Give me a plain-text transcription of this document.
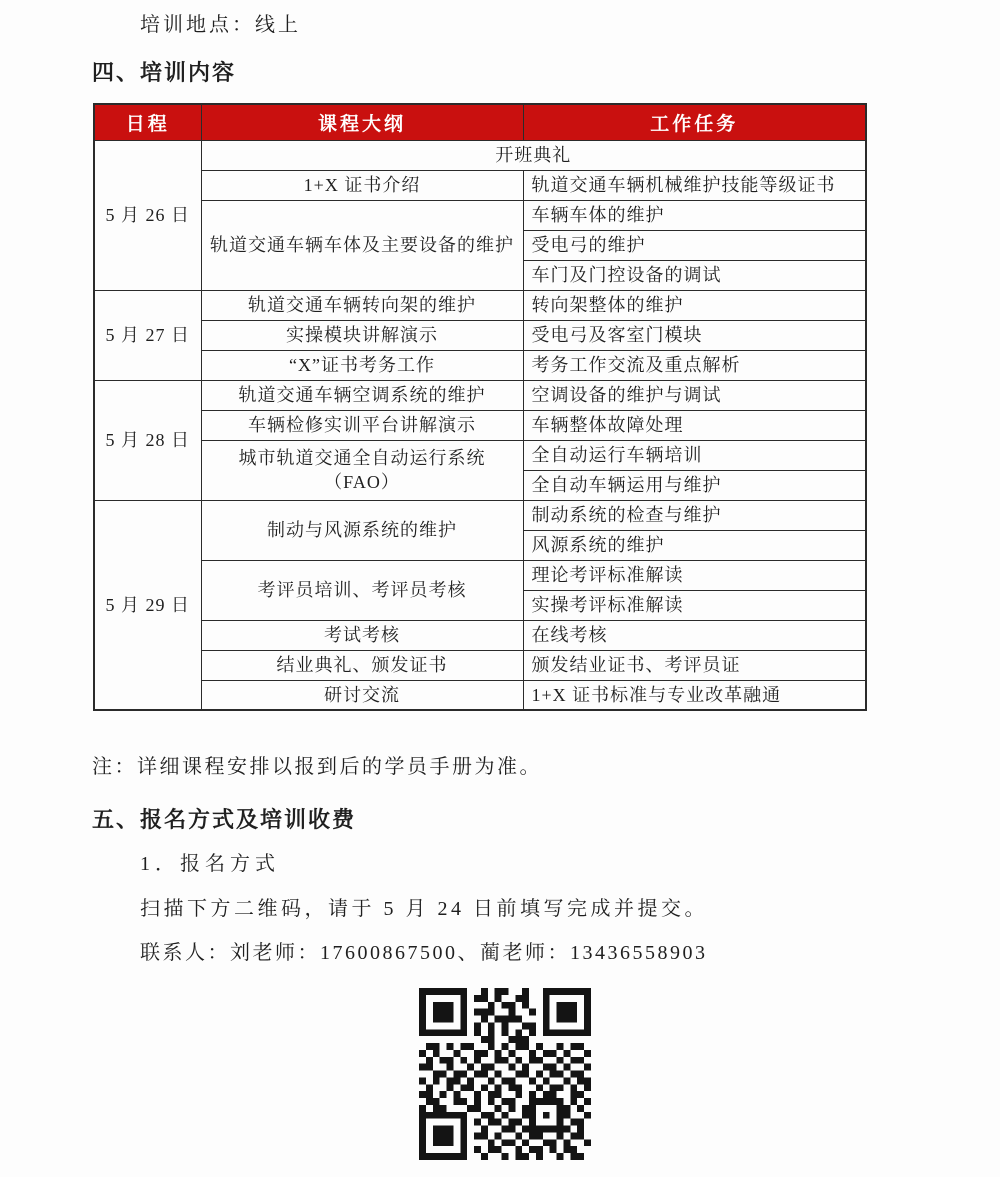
培训地点：线上
四、培训内容
日程	课程大纲	工作任务
5 月 26 日	开班典礼	
	1+X 证书介绍	轨道交通车辆机械维护技能等级证书
	轨道交通车辆车体及主要设备的维护	车辆车体的维护
		受电弓的维护
		车门及门控设备的调试
5 月 27 日	轨道交通车辆转向架的维护	转向架整体的维护
	实操模块讲解演示	受电弓及客室门模块
	“X”证书考务工作	考务工作交流及重点解析
5 月 28 日	轨道交通车辆空调系统的维护	空调设备的维护与调试
	车辆检修实训平台讲解演示	车辆整体故障处理
	城市轨道交通全自动运行系统（FAO）	全自动运行车辆培训
		全自动车辆运用与维护
5 月 29 日	制动与风源系统的维护	制动系统的检查与维护
		风源系统的维护
	考评员培训、考评员考核	理论考评标准解读
		实操考评标准解读
	考试考核	在线考核
	结业典礼、颁发证书	颁发结业证书、考评员证
	研讨交流	1+X 证书标准与专业改革融通
注：详细课程安排以报到后的学员手册为准。
五、报名方式及培训收费
1．报名方式
扫描下方二维码，请于 5 月 24 日前填写完成并提交。
联系人：刘老师：17600867500、蔺老师：13436558903
